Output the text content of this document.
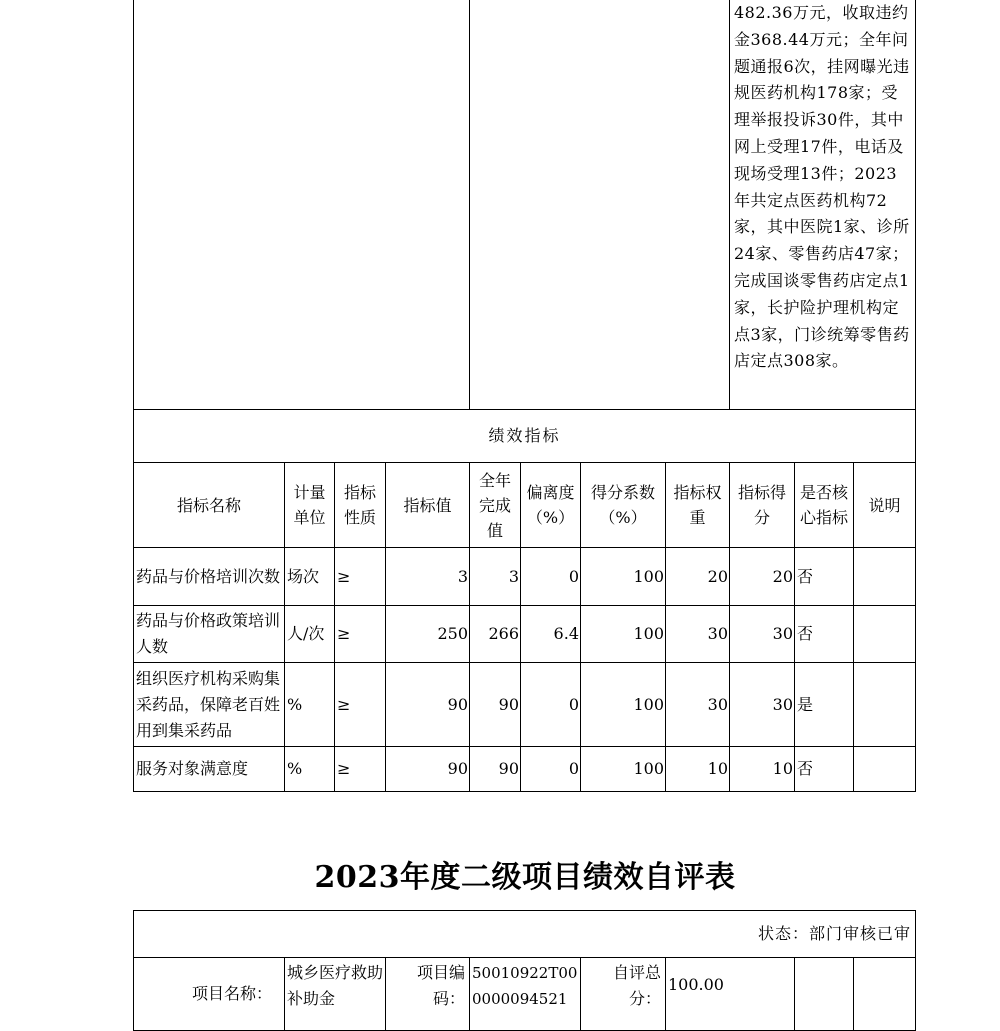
								482.36万元，收取违约金368.44万元；全年问题通报6次，挂网曝光违规医药机构178家；受理举报投诉30件，其中网上受理17件，电话及现场受理13件；2023年共定点医药机构72家，其中医院1家、诊所24家、零售药店47家；完成国谈零售药店定点1家，长护险护理机构定点3家，门诊统筹零售药店定点308家。		
绩效指标										
指标名称	计量单位	指标性质	指标值	全年完成值	偏离度（%）	得分系数（%）	指标权重	指标得分	是否核心指标	说明
药品与价格培训次数	场次	≥	3	3	0	100	20	20	否	
药品与价格政策培训人数	人/次	≥	250	266	6.4	100	30	30	否	
组织医疗机构采购集采药品，保障老百姓用到集采药品	%	≥	90	90	0	100	30	30	是	
服务对象满意度	%	≥	90	90	0	100	10	10	否	
2023年度二级项目绩效自评表
状态：部门审核已审
项目名称：	城乡医疗救助补助金	项目编码：	50010922T000000094521	自评总分：	100.00		
